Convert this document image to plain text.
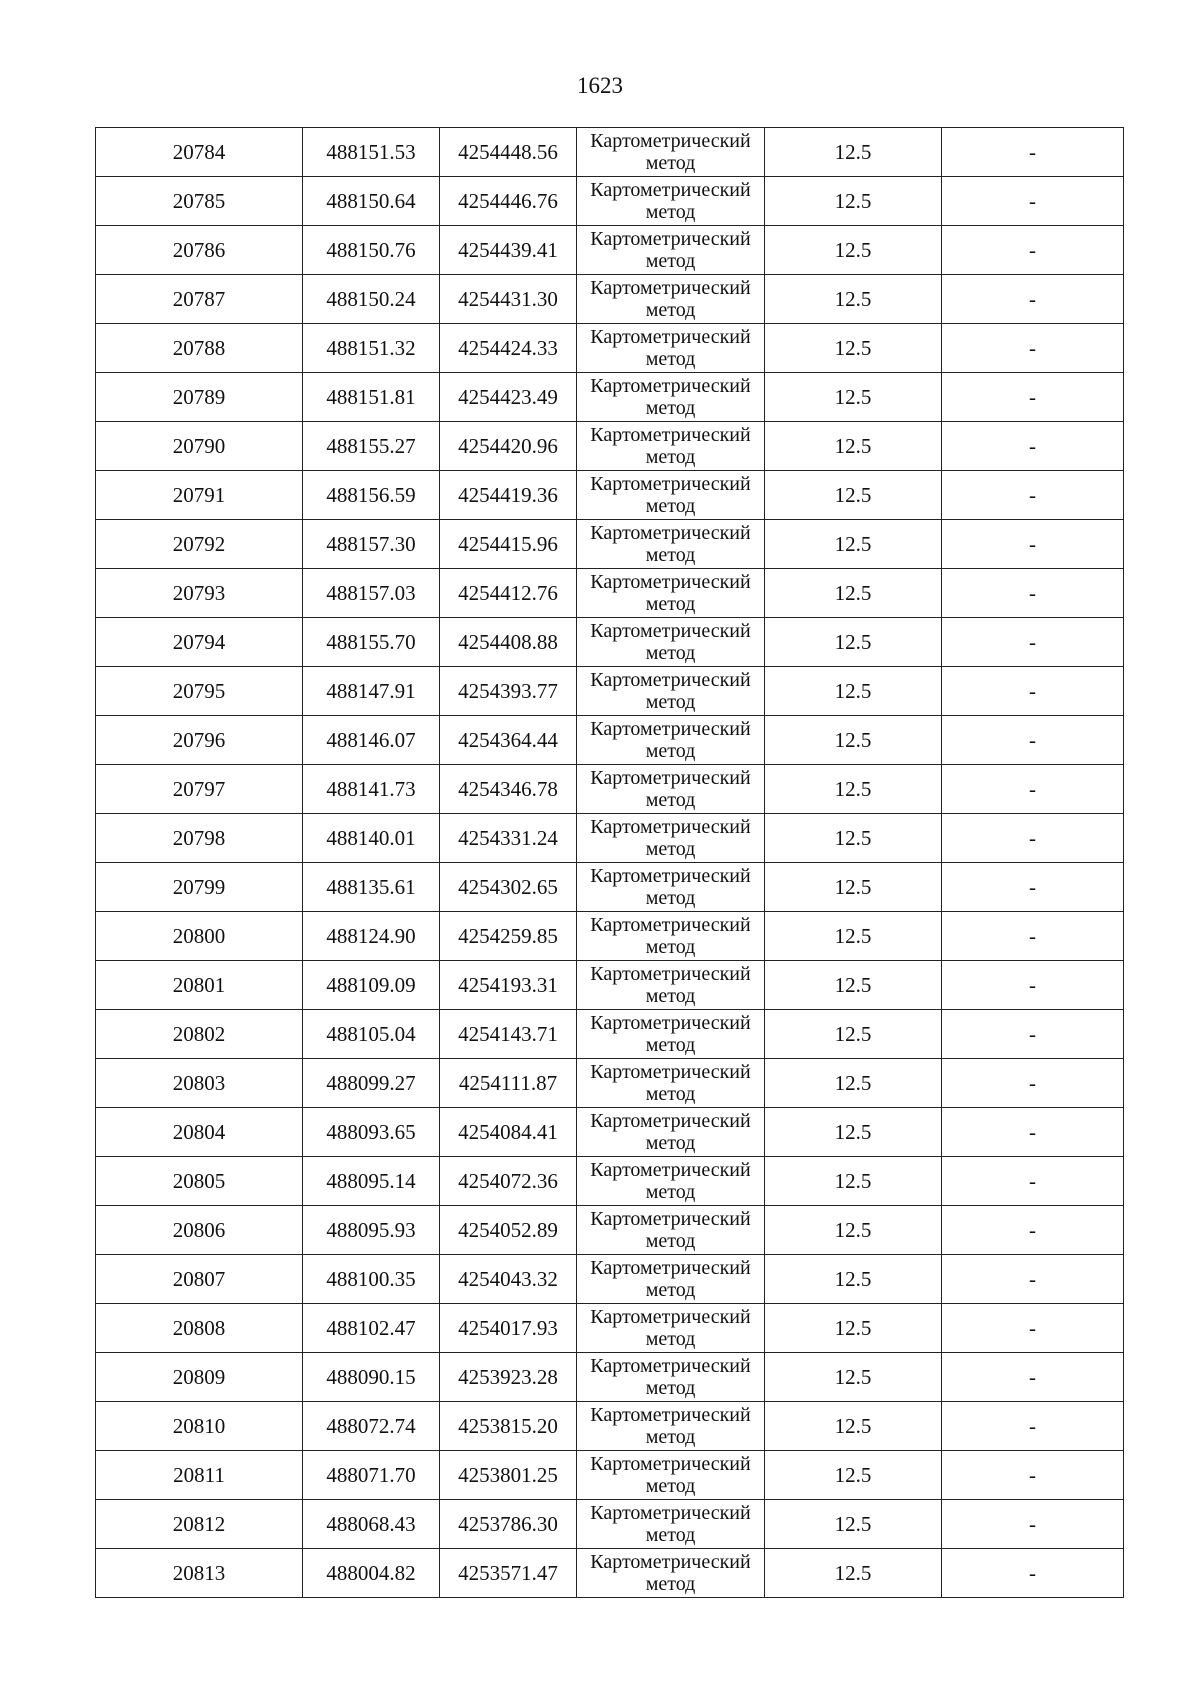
1623
20784	488151.53	4254448.56	Картометрический
метод	12.5	-
20785	488150.64	4254446.76	Картометрический
метод	12.5	-
20786	488150.76	4254439.41	Картометрический
метод	12.5	-
20787	488150.24	4254431.30	Картометрический
метод	12.5	-
20788	488151.32	4254424.33	Картометрический
метод	12.5	-
20789	488151.81	4254423.49	Картометрический
метод	12.5	-
20790	488155.27	4254420.96	Картометрический
метод	12.5	-
20791	488156.59	4254419.36	Картометрический
метод	12.5	-
20792	488157.30	4254415.96	Картометрический
метод	12.5	-
20793	488157.03	4254412.76	Картометрический
метод	12.5	-
20794	488155.70	4254408.88	Картометрический
метод	12.5	-
20795	488147.91	4254393.77	Картометрический
метод	12.5	-
20796	488146.07	4254364.44	Картометрический
метод	12.5	-
20797	488141.73	4254346.78	Картометрический
метод	12.5	-
20798	488140.01	4254331.24	Картометрический
метод	12.5	-
20799	488135.61	4254302.65	Картометрический
метод	12.5	-
20800	488124.90	4254259.85	Картометрический
метод	12.5	-
20801	488109.09	4254193.31	Картометрический
метод	12.5	-
20802	488105.04	4254143.71	Картометрический
метод	12.5	-
20803	488099.27	4254111.87	Картометрический
метод	12.5	-
20804	488093.65	4254084.41	Картометрический
метод	12.5	-
20805	488095.14	4254072.36	Картометрический
метод	12.5	-
20806	488095.93	4254052.89	Картометрический
метод	12.5	-
20807	488100.35	4254043.32	Картометрический
метод	12.5	-
20808	488102.47	4254017.93	Картометрический
метод	12.5	-
20809	488090.15	4253923.28	Картометрический
метод	12.5	-
20810	488072.74	4253815.20	Картометрический
метод	12.5	-
20811	488071.70	4253801.25	Картометрический
метод	12.5	-
20812	488068.43	4253786.30	Картометрический
метод	12.5	-
20813	488004.82	4253571.47	Картометрический
метод	12.5	-
